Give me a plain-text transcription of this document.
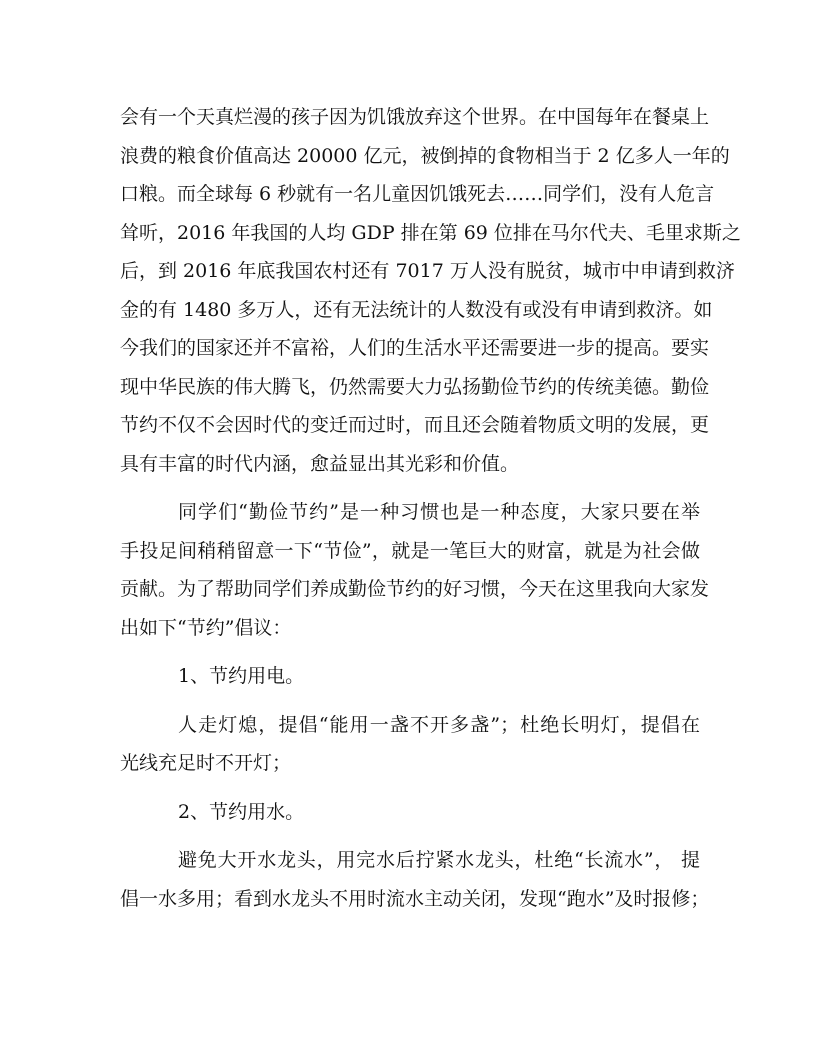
会有一个天真烂漫的孩子因为饥饿放弃这个世界。在中国每年在餐桌上
浪费的粮食价值高达 20000 亿元，被倒掉的食物相当于 2 亿多人一年的
口粮。而全球每 6 秒就有一名儿童因饥饿死去……同学们，没有人危言
耸听，2016 年我国的人均 GDP 排在第 69 位排在马尔代夫、毛里求斯之
后，到 2016 年底我国农村还有 7017 万人没有脱贫，城市中申请到救济
金的有 1480 多万人，还有无法统计的人数没有或没有申请到救济。如
今我们的国家还并不富裕，人们的生活水平还需要进一步的提高。要实
现中华民族的伟大腾飞，仍然需要大力弘扬勤俭节约的传统美德。勤俭
节约不仅不会因时代的变迁而过时，而且还会随着物质文明的发展，更
具有丰富的时代内涵，愈益显出其光彩和价值。
同学们“勤俭节约”是一种习惯也是一种态度，大家只要在举
手投足间稍稍留意一下“节俭”，就是一笔巨大的财富，就是为社会做
贡献。为了帮助同学们养成勤俭节约的好习惯，今天在这里我向大家发
出如下“节约”倡议：
1、节约用电。
人走灯熄，提倡“能用一盏不开多盏”；杜绝长明灯，提倡在
光线充足时不开灯；
2、节约用水。
避免大开水龙头，用完水后拧紧水龙头，杜绝“长流水”， 提
倡一水多用；看到水龙头不用时流水主动关闭，发现“跑水”及时报修；
